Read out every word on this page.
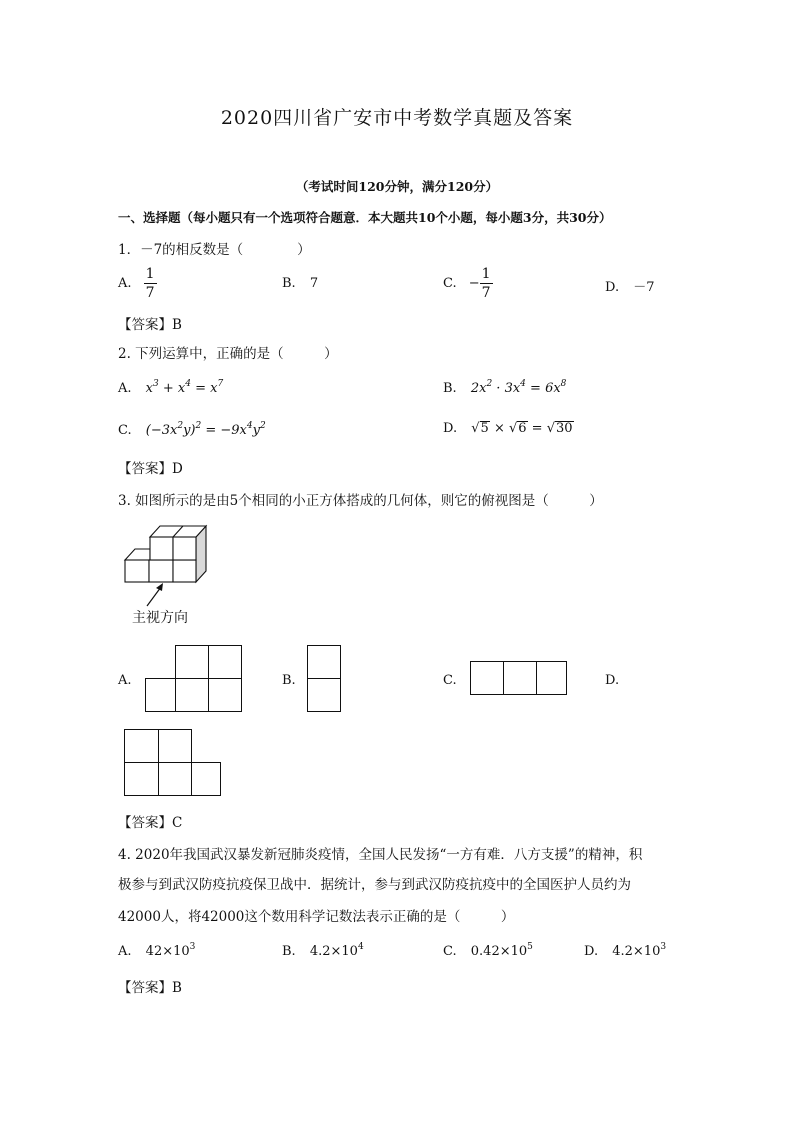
2020四川省广安市中考数学真题及答案
（考试时间120分钟，满分120分）
一、选择题（每小题只有一个选项符合题意．本大题共10个小题，每小题3分，共30分）
1．－7的相反数是（　　　　）
A. $\frac{1}{7}$	B. 7	C. − $\frac{1}{7}$	D. －7
【答案】B
2. 下列运算中，正确的是（　　　）
A. $x^3 + x^4 = x^7$	B. $2x^2 \cdot 3x^4 = 6x^8$
C. $(-3x^2y)^2 = -9x^4y^2$	D. √5 × √6 = √30
【答案】D
3. 如图所示的是由5个相同的小正方体搭成的几何体，则它的俯视图是（　　　）
主视方向
A.	B.	C.	D.
【答案】C
4. 2020年我国武汉暴发新冠肺炎疫情，全国人民发扬“一方有难．八方支援”的精神，积
极参与到武汉防疫抗疫保卫战中．据统计，参与到武汉防疫抗疫中的全国医护人员约为
42000人，将42000这个数用科学记数法表示正确的是（　　　）
A. $42\times 10^3$	B. $4.2\times 10^4$	C. $0.42\times 10^5$	D. $4.2\times 10^3$
【答案】B
